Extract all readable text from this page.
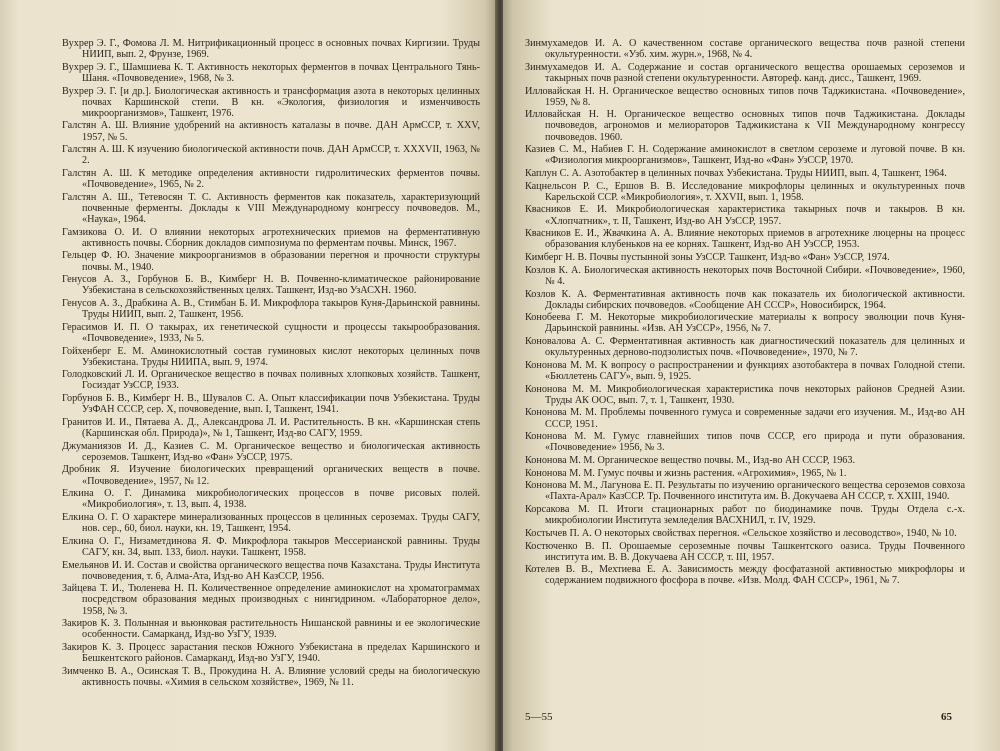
Вухрер Э. Г., Фомова Л. М. Нитрификационный процесс в основных почвах Киргизии. Труды НИИП, вып. 2, Фрунзе, 1969.

Вухрер Э. Г., Шамшиева К. Т. Активность некоторых ферментов в почвах Центрального Тянь-Шаня. «Почвоведение», 1968, № 3.

Вухрер Э. Г. [и др.]. Биологическая активность и трансформация азота в некоторых целинных почвах Каршинской степи. В кн. «Экология, физиология и изменчивость микроорганизмов», Ташкент, 1976.

Галстян А. Ш. Влияние удобрений на активность каталазы в почве. ДАН АрмССР, т. XXV, 1957, № 5.

Галстян А. Ш. К изучению биологической активности почв. ДАН АрмССР, т. XXXVII, 1963, № 2.

Галстян А. Ш. К методике определения активности гидролитических ферментов почвы. «Почвоведение», 1965, № 2.

Галстян А. Ш., Тетевосян Т. С. Активность ферментов как показатель, характеризующий почвенные ферменты. Доклады к VIII Международному конгрессу почвоведов. М., «Наука», 1964.

Гамзикова О. И. О влиянии некоторых агротехнических приемов на ферментативную активность почвы. Сборник докладов симпозиума по ферментам почвы. Минск, 1967.

Гельцер Ф. Ю. Значение микроорганизмов в образовании перегноя и прочности структуры почвы. М., 1940.

Генусов А. З., Горбунов Б. В., Кимберг Н. В. Почвенно-климатическое районирование Узбекистана в сельскохозяйственных целях. Ташкент, Изд-во УзАСХН. 1960.

Генусов А. З., Драбкина А. В., Стимбан Б. И. Микрофлора такыров Куня-Дарьинской равнины. Труды НИИП, вып. 2, Ташкент, 1956.

Герасимов И. П. О такырах, их генетической сущности и процессы такырообразования. «Почвоведение», 1933, № 5.

Гойхенберг Е. М. Аминокислотный состав гуминовых кислот некоторых целинных почв Узбекистана. Труды НИИПА, вып. 9, 1974.

Голодковский Л. И. Органическое вещество в почвах поливных хлопковых хозяйств. Ташкент, Госиздат УзССР, 1933.

Горбунов Б. В., Кимберг Н. В., Шувалов С. А. Опыт классификации почв Узбекистана. Труды УзФАН СССР, сер. X, почвоведение, вып. I, Ташкент, 1941.

Гранитов И. И., Пятаева А. Д., Александрова Л. И. Растительность. В кн. «Каршинская степь (Каршинская обл. Природа)», № 1, Ташкент, Изд-во САГУ, 1959.

Джуманиязов И. Д., Казиев С. М. Органическое вещество и биологическая активность сероземов. Ташкент, Изд-во «Фан» УзССР, 1975.

Дробник Я. Изучение биологических превращений органических веществ в почве. «Почвоведение», 1957, № 12.

Елкина О. Г. Динамика микробиологических процессов в почве рисовых полей. «Микробиология», т. 13, вып. 4, 1938.

Елкина О. Г. О характере минерализованных процессов в целинных сероземах. Труды САГУ, нов. сер., 60, биол. науки, кн. 19, Ташкент, 1954.

Елкина О. Г., Низаметдинова Я. Ф. Микрофлора такыров Мессерианской равнины. Труды САГУ, кн. 34, вып. 133, биол. науки. Ташкент, 1958.

Емельянов И. И. Состав и свойства органического вещества почв Казахстана. Труды Института почвоведения, т. 6, Алма-Ата, Изд-во АН КазССР, 1956.

Зайцева Т. И., Тюленева Н. П. Количественное определение аминокислот на хроматограммах посредством образования медных производных с нингидрином. «Лабораторное дело», 1958, № 3.

Закиров К. З. Полынная и вьюнковая растительность Нишанской равнины и ее экологические особенности. Самарканд, Изд-во УзГУ, 1939.

Закиров К. З. Процесс зарастания песков Южного Узбекистана в пределах Каршинского и Бешкентского районов. Самарканд, Изд-во УзГУ, 1940.

Зимченко В. А., Осинская Т. В., Прокудина Н. А. Влияние условий среды на биологическую активность почвы. «Химия в сельском хозяйстве», 1969, № 11.

Зинмухамедов И. А. О качественном составе органического вещества почв разной степени окультуренности. «Узб. хим. журн.», 1968, № 4.

Зинмухамедов И. А. Содержание и состав органического вещества орошаемых сероземов и такырных почв разной степени окультуренности. Автореф. канд. дисс., Ташкент, 1969.

Илловайская Н. Н. Органическое вещество основных типов почв Таджикистана. «Почвоведение», 1959, № 8.

Илловайская Н. Н. Органическое вещество основных типов почв Таджикистана. Доклады почвоведов, агрономов и мелиораторов Таджикистана к VII Международному конгрессу почвоведов. 1960.

Казиев С. М., Набиев Г. Н. Содержание аминокислот в светлом сероземе и луговой почве. В кн. «Физиология микроорганизмов», Ташкент, Изд-во «Фан» УзССР, 1970.

Каплун С. А. Азотобактер в целинных почвах Узбекистана. Труды НИИП, вып. 4, Ташкент, 1964.

Кацнельсон Р. С., Ершов В. В. Исследование микрофлоры целинных и окультуренных почв Карельской ССР. «Микробиология», т. XXVII, вып. 1, 1958.

Квасников Е. И. Микробиологическая характеристика такырных почв и такыров. В кн. «Хлопчатник», т. II, Ташкент, Изд-во АН УзССР, 1957.

Квасников Е. И., Жвачкина А. А. Влияние некоторых приемов в агротехнике люцерны на процесс образования клубеньков на ее корнях. Ташкент, Изд-во АН УзССР, 1953.

Кимберг Н. В. Почвы пустынной зоны УзССР. Ташкент, Изд-во «Фан» УзССР, 1974.

Козлов К. А. Биологическая активность некоторых почв Восточной Сибири. «Почвоведение», 1960, № 4.

Козлов К. А. Ферментативная активность почв как показатель их биологической активности. Доклады сибирских почвоведов. «Сообщение АН СССР», Новосибирск, 1964.

Конобеева Г. М. Некоторые микробиологические материалы к вопросу эволюции почв Куня-Дарьинской равнины. «Изв. АН УзССР», 1956, № 7.

Коновалова А. С. Ферментативная активность как диагностический показатель для целинных и окультуренных дерново-подзолистых почв. «Почвоведение», 1970, № 7.

Кононова М. М. К вопросу о распространении и функциях азотобактера в почвах Голодной степи. «Бюллетень САГУ», вып. 9, 1925.

Кононова М. М. Микробиологическая характеристика почв некоторых районов Средней Азии. Труды АК ООС, вып. 7, т. 1, Ташкент, 1930.

Кононова М. М. Проблемы почвенного гумуса и современные задачи его изучения. М., Изд-во АН СССР, 1951.

Кононова М. М. Гумус главнейших типов почв СССР, его природа и пути образования. «Почвоведение» 1956, № 3.

Кононова М. М. Органическое вещество почвы. М., Изд-во АН СССР, 1963.

Кононова М. М. Гумус почвы и жизнь растения. «Агрохимия», 1965, № 1.

Кононова М. М., Лагунова Е. П. Результаты по изучению органического вещества сероземов совхоза «Пахта-Арал» КазССР. Тр. Почвенного института им. В. Докучаева АН СССР, т. XXIII, 1940.

Корсакова М. П. Итоги стационарных работ по биодинамике почв. Труды Отдела с.-х. микробиологии Института земледелия ВАСХНИЛ, т. IV, 1929.

Костычев П. А. О некоторых свойствах перегноя. «Сельское хозяйство и лесоводство», 1940, № 10.

Костюченко В. П. Орошаемые сероземные почвы Ташкентского оазиса. Труды Почвенного института им. В. В. Докучаева АН СССР, т. III, 1957.

Котелев В. В., Мехтиева Е. А. Зависимость между фосфатазной активностью микрофлоры и содержанием подвижного фосфора в почве. «Изв. Молд. ФАН СССР», 1961, № 7.

5—55	65
